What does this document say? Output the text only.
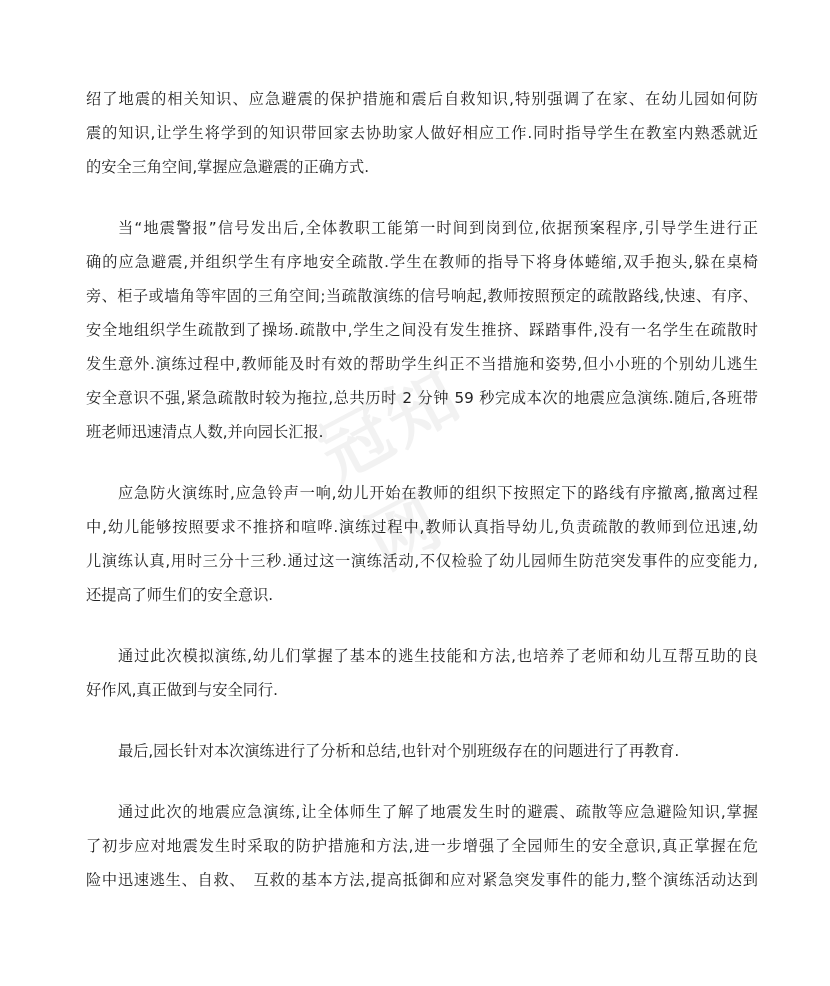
冠知网
绍了地震的相关知识、应急避震的保护措施和震后自救知识,特别强调了在家、在幼儿园如何防
震的知识,让学生将学到的知识带回家去协助家人做好相应工作.同时指导学生在教室内熟悉就近
的安全三角空间,掌握应急避震的正确方式.
当“地震警报”信号发出后,全体教职工能第一时间到岗到位,依据预案程序,引导学生进行正
确的应急避震,并组织学生有序地安全疏散.学生在教师的指导下将身体蜷缩,双手抱头,躲在桌椅
旁、柜子或墙角等牢固的三角空间;当疏散演练的信号响起,教师按照预定的疏散路线,快速、有序、
安全地组织学生疏散到了操场.疏散中,学生之间没有发生推挤、踩踏事件,没有一名学生在疏散时
发生意外.演练过程中,教师能及时有效的帮助学生纠正不当措施和姿势,但小小班的个别幼儿逃生
安全意识不强,紧急疏散时较为拖拉,总共历时 2 分钟 59 秒完成本次的地震应急演练.随后,各班带
班老师迅速清点人数,并向园长汇报.
应急防火演练时,应急铃声一响,幼儿开始在教师的组织下按照定下的路线有序撤离,撤离过程
中,幼儿能够按照要求不推挤和喧哗.演练过程中,教师认真指导幼儿,负责疏散的教师到位迅速,幼
儿演练认真,用时三分十三秒.通过这一演练活动,不仅检验了幼儿园师生防范突发事件的应变能力,
还提高了师生们的安全意识.
通过此次模拟演练,幼儿们掌握了基本的逃生技能和方法,也培养了老师和幼儿互帮互助的良
好作风,真正做到与安全同行.
最后,园长针对本次演练进行了分析和总结,也针对个别班级存在的问题进行了再教育.
通过此次的地震应急演练,让全体师生了解了地震发生时的避震、疏散等应急避险知识,掌握
了初步应对地震发生时采取的防护措施和方法,进一步增强了全园师生的安全意识,真正掌握在危
险中迅速逃生、自救、　互救的基本方法,提高抵御和应对紧急突发事件的能力,整个演练活动达到
